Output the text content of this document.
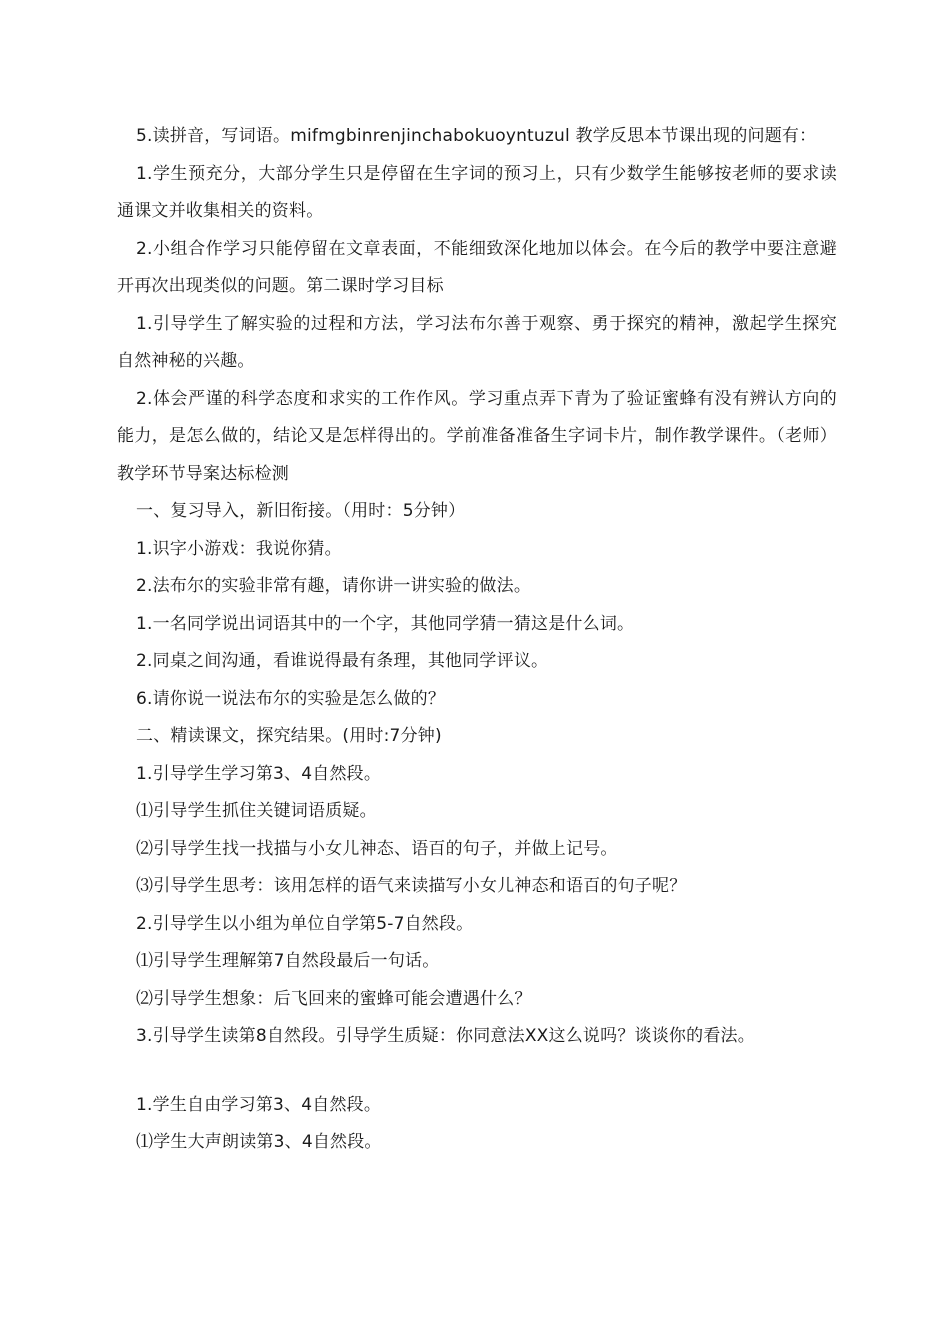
5.读拼音，写词语。mifmgbinrenjinchabokuoyntuzul 教学反思本节课出现的问题有：

1.学生预充分，大部分学生只是停留在生字词的预习上，只有少数学生能够按老师的要求读通课文并收集相关的资料。

2.小组合作学习只能停留在文章表面，不能细致深化地加以体会。在今后的教学中要注意避开再次出现类似的问题。第二课时学习目标

1.引导学生了解实验的过程和方法，学习法布尔善于观察、勇于探究的精神，激起学生探究自然神秘的兴趣。

2.体会严谨的科学态度和求实的工作作风。学习重点弄下青为了验证蜜蜂有没有辨认方向的能力，是怎么做的，结论又是怎样得出的。学前准备准备生字词卡片，制作教学课件。（老师）教学环节导案达标检测

一、复习导入，新旧衔接。（用时：5分钟）

1.识字小游戏：我说你猜。

2.法布尔的实验非常有趣，请你讲一讲实验的做法。

1.一名同学说出词语其中的一个字，其他同学猜一猜这是什么词。

2.同桌之间沟通，看谁说得最有条理，其他同学评议。

6.请你说一说法布尔的实验是怎么做的？

二、精读课文，探究结果。(用时:7分钟)

1.引导学生学习第3、4自然段。

⑴引导学生抓住关键词语质疑。

⑵引导学生找一找描与小女儿神态、语百的句子，并做上记号。

⑶引导学生思考：该用怎样的语气来读描写小女儿神态和语百的句子呢？

2.引导学生以小组为单位自学第5-7自然段。

⑴引导学生理解第7自然段最后一句话。

⑵引导学生想象：后飞回来的蜜蜂可能会遭遇什么？

3.引导学生读第8自然段。引导学生质疑：你同意法XX这么说吗？谈谈你的看法。

1.学生自由学习第3、4自然段。

⑴学生大声朗读第3、4自然段。
